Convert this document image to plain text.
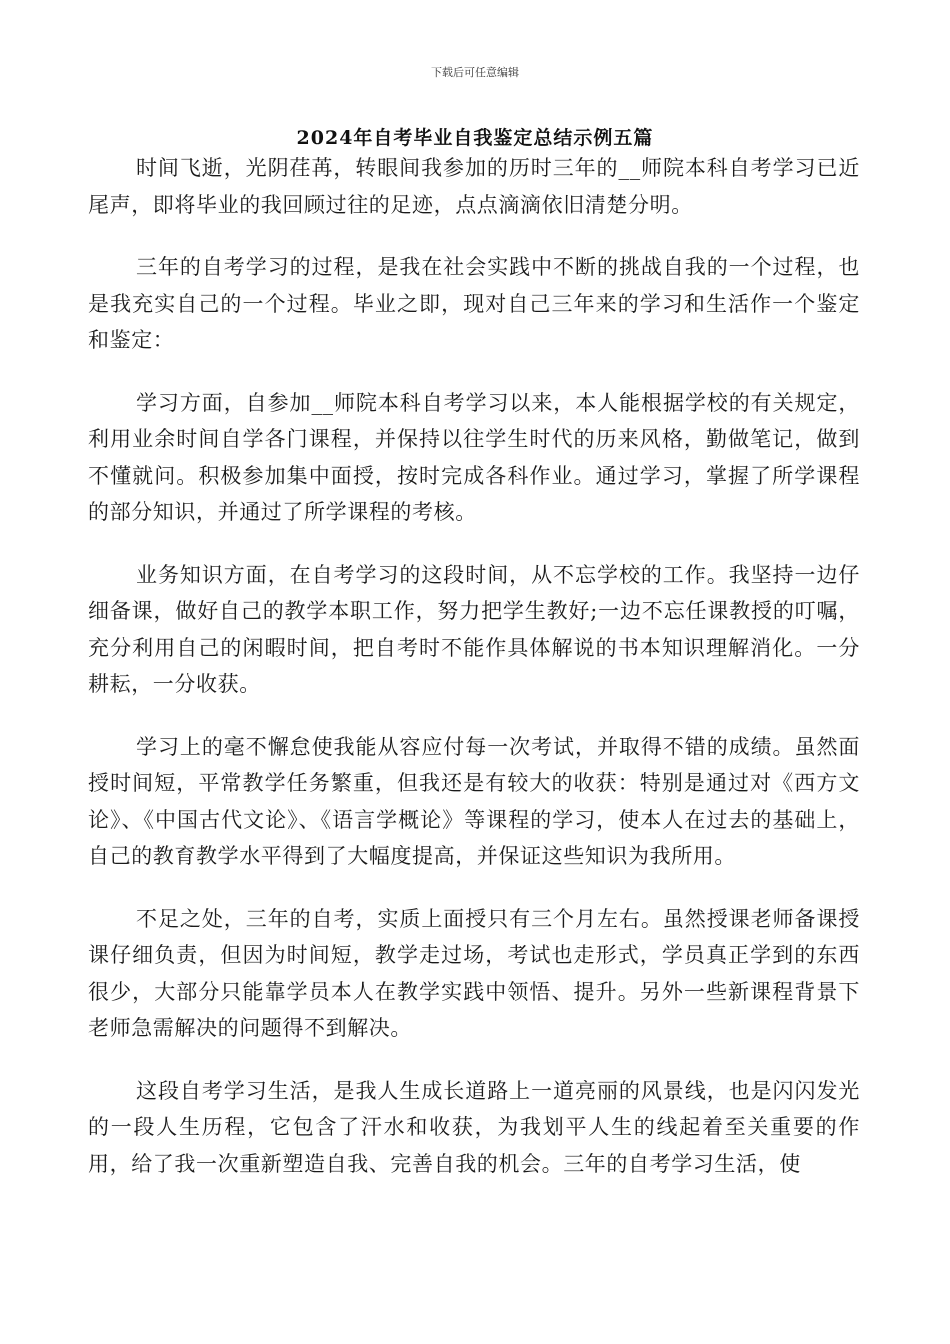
下载后可任意编辑
2024年自考毕业自我鉴定总结示例五篇

时间飞逝，光阴荏苒，转眼间我参加的历时三年的__师院本科自考学习已近尾声，即将毕业的我回顾过往的足迹，点点滴滴依旧清楚分明。

三年的自考学习的过程，是我在社会实践中不断的挑战自我的一个过程，也是我充实自己的一个过程。毕业之即，现对自己三年来的学习和生活作一个鉴定和鉴定：

学习方面，自参加__师院本科自考学习以来，本人能根据学校的有关规定，利用业余时间自学各门课程，并保持以往学生时代的历来风格，勤做笔记，做到不懂就问。积极参加集中面授，按时完成各科作业。通过学习，掌握了所学课程的部分知识，并通过了所学课程的考核。

业务知识方面，在自考学习的这段时间，从不忘学校的工作。我坚持一边仔细备课，做好自己的教学本职工作，努力把学生教好;一边不忘任课教授的叮嘱，充分利用自己的闲暇时间，把自考时不能作具体解说的书本知识理解消化。一分耕耘，一分收获。

学习上的毫不懈怠使我能从容应付每一次考试，并取得不错的成绩。虽然面授时间短，平常教学任务繁重，但我还是有较大的收获：特别是通过对《西方文论》、《中国古代文论》、《语言学概论》等课程的学习，使本人在过去的基础上，自己的教育教学水平得到了大幅度提高，并保证这些知识为我所用。

不足之处，三年的自考，实质上面授只有三个月左右。虽然授课老师备课授课仔细负责，但因为时间短，教学走过场，考试也走形式，学员真正学到的东西很少，大部分只能靠学员本人在教学实践中领悟、提升。另外一些新课程背景下老师急需解决的问题得不到解决。

这段自考学习生活，是我人生成长道路上一道亮丽的风景线，也是闪闪发光的一段人生历程，它包含了汗水和收获，为我划平人生的线起着至关重要的作用，给了我一次重新塑造自我、完善自我的机会。三年的自考学习生活，使
